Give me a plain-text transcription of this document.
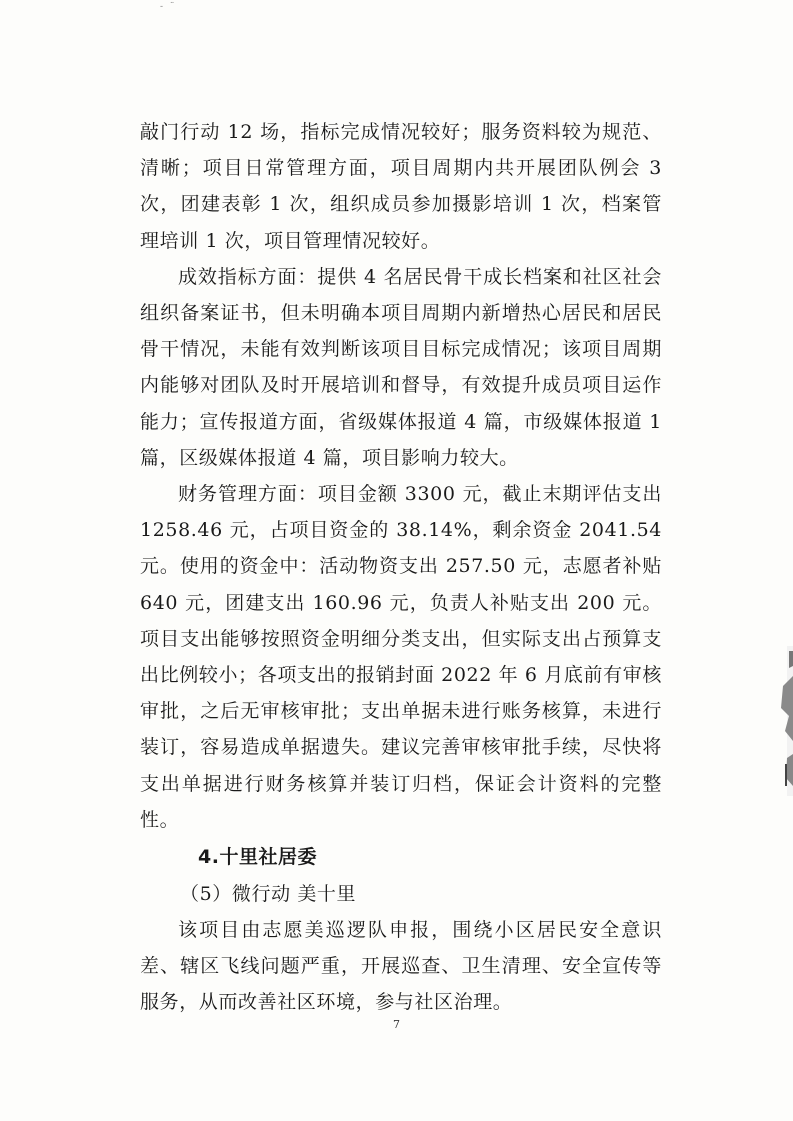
- ¨

敲门行动 12 场，指标完成情况较好；服务资料较为规范、清晰；项目日常管理方面，项目周期内共开展团队例会 3 次，团建表彰 1 次，组织成员参加摄影培训 1 次，档案管理培训 1 次，项目管理情况较好。

成效指标方面：提供 4 名居民骨干成长档案和社区社会组织备案证书，但未明确本项目周期内新增热心居民和居民骨干情况，未能有效判断该项目目标完成情况；该项目周期内能够对团队及时开展培训和督导，有效提升成员项目运作能力；宣传报道方面，省级媒体报道 4 篇，市级媒体报道 1 篇，区级媒体报道 4 篇，项目影响力较大。

财务管理方面：项目金额 3300 元，截止末期评估支出 1258.46 元，占项目资金的 38.14%，剩余资金 2041.54 元。使用的资金中：活动物资支出 257.50 元，志愿者补贴 640 元，团建支出 160.96 元，负责人补贴支出 200 元。项目支出能够按照资金明细分类支出，但实际支出占预算支出比例较小；各项支出的报销封面 2022 年 6 月底前有审核审批，之后无审核审批；支出单据未进行账务核算，未进行装订，容易造成单据遗失。建议完善审核审批手续，尽快将支出单据进行财务核算并装订归档，保证会计资料的完整性。

4.十里社居委

（5）微行动 美十里

该项目由志愿美巡逻队申报，围绕小区居民安全意识差、辖区飞线问题严重，开展巡查、卫生清理、安全宣传等服务，从而改善社区环境，参与社区治理。

7
